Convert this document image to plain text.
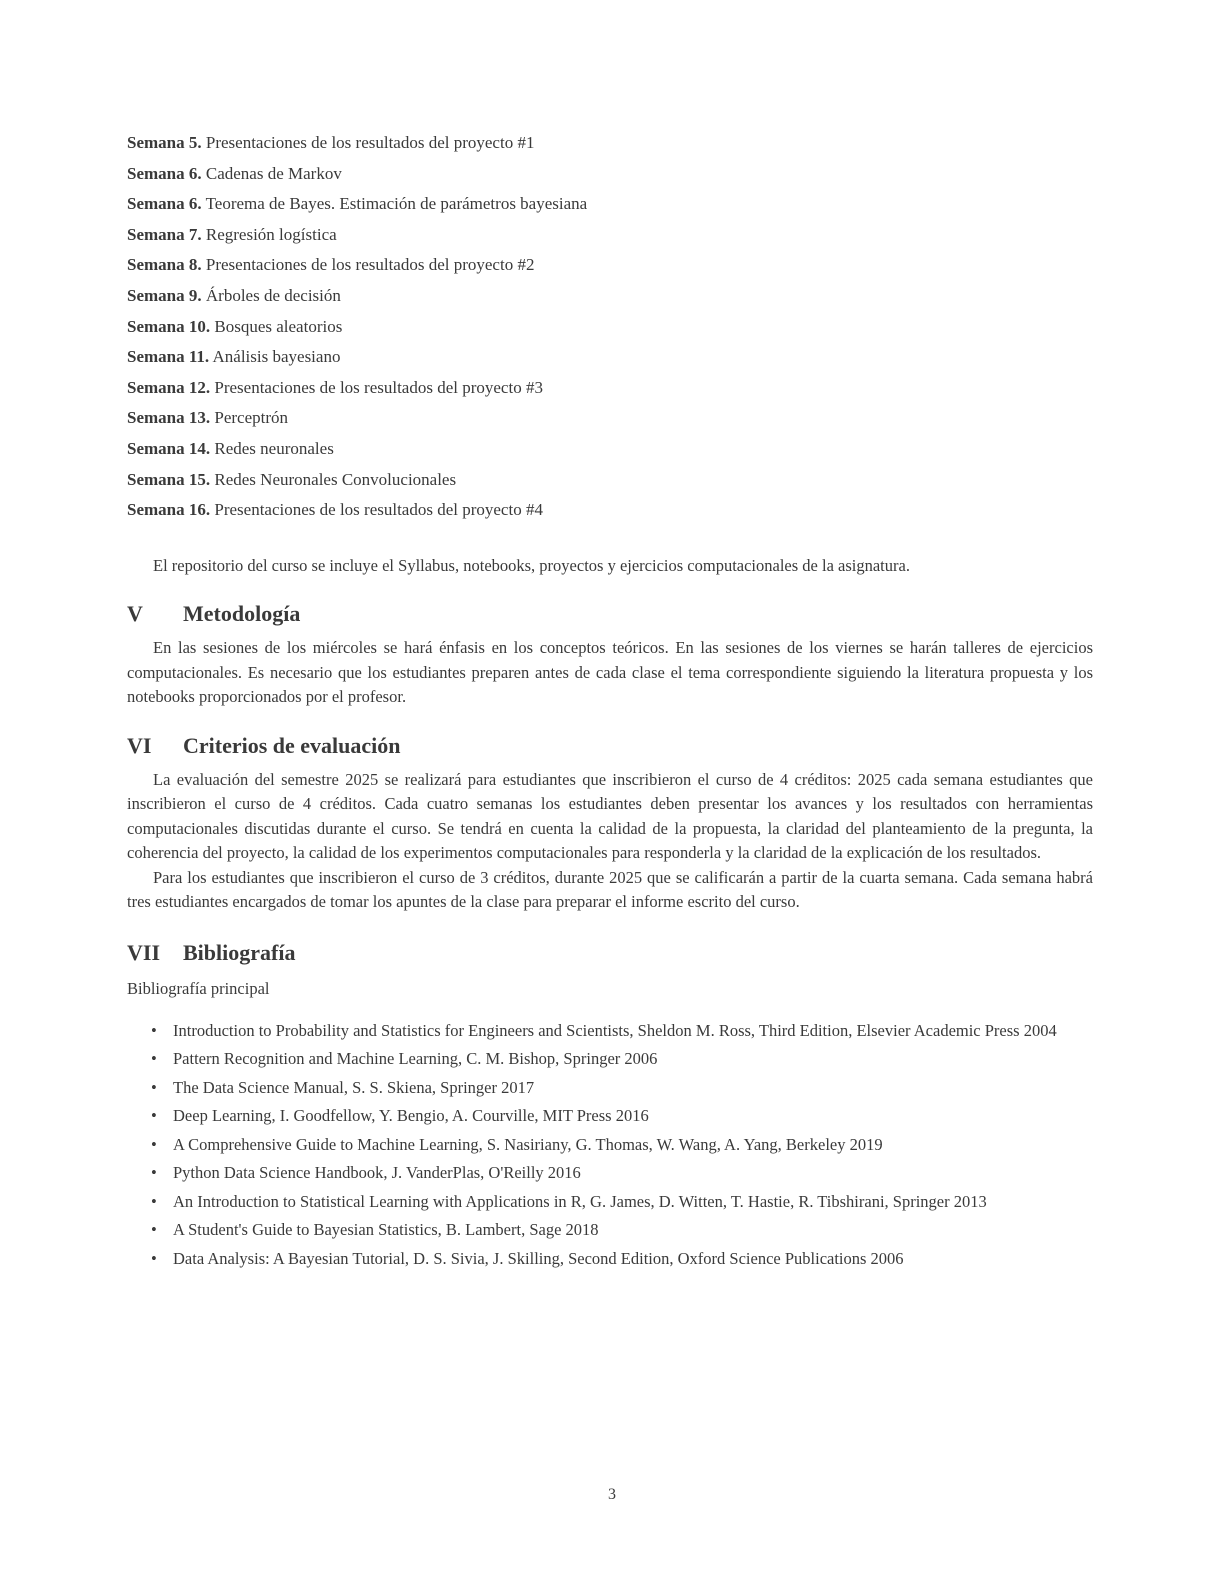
Semana 5. Presentaciones de los resultados del proyecto #1
Semana 6. Cadenas de Markov
Semana 6. Teorema de Bayes. Estimación de parámetros bayesiana
Semana 7. Regresión logística
Semana 8. Presentaciones de los resultados del proyecto #2
Semana 9. Árboles de decisión
Semana 10. Bosques aleatorios
Semana 11. Análisis bayesiano
Semana 12. Presentaciones de los resultados del proyecto #3
Semana 13. Perceptrón
Semana 14. Redes neuronales
Semana 15. Redes Neuronales Convolucionales
Semana 16. Presentaciones de los resultados del proyecto #4

El repositorio del curso se incluye el Syllabus, notebooks, proyectos y ejercicios computacionales de la asignatura.

V	Metodología

En las sesiones de los miércoles se hará énfasis en los conceptos teóricos. En las sesiones de los viernes se harán talleres de ejercicios computacionales. Es necesario que los estudiantes preparen antes de cada clase el tema correspondiente siguiendo la literatura propuesta y los notebooks proporcionados por el profesor.

VI	Criterios de evaluación

La evaluación del semestre 2025 se realizará para estudiantes que inscribieron el curso de 4 créditos: 2025 cada semana estudiantes que inscribieron el curso de 4 créditos. Cada cuatro semanas los estudiantes deben presentar los avances y los resultados con herramientas computacionales discutidas durante el curso. Se tendrá en cuenta la calidad de la propuesta, la claridad del planteamiento de la pregunta, la coherencia del proyecto, la calidad de los experimentos computacionales para responderla y la claridad de la explicación de los resultados.

Para los estudiantes que inscribieron el curso de 3 créditos, durante 2025 que se calificarán a partir de la cuarta semana. Cada semana habrá tres estudiantes encargados de tomar los apuntes de la clase para preparar el informe escrito del curso.

VII	Bibliografía

Bibliografía principal

• Introduction to Probability and Statistics for Engineers and Scientists, Sheldon M. Ross, Third Edition, Elsevier Academic Press 2004
• Pattern Recognition and Machine Learning, C. M. Bishop, Springer 2006
• The Data Science Manual, S. S. Skiena, Springer 2017
• Deep Learning, I. Goodfellow, Y. Bengio, A. Courville, MIT Press 2016
• A Comprehensive Guide to Machine Learning, S. Nasiriany, G. Thomas, W. Wang, A. Yang, Berkeley 2019
• Python Data Science Handbook, J. VanderPlas, O'Reilly 2016
• An Introduction to Statistical Learning with Applications in R, G. James, D. Witten, T. Hastie, R. Tibshirani, Springer 2013
• A Student's Guide to Bayesian Statistics, B. Lambert, Sage 2018
• Data Analysis: A Bayesian Tutorial, D. S. Sivia, J. Skilling, Second Edition, Oxford Science Publications 2006
3
